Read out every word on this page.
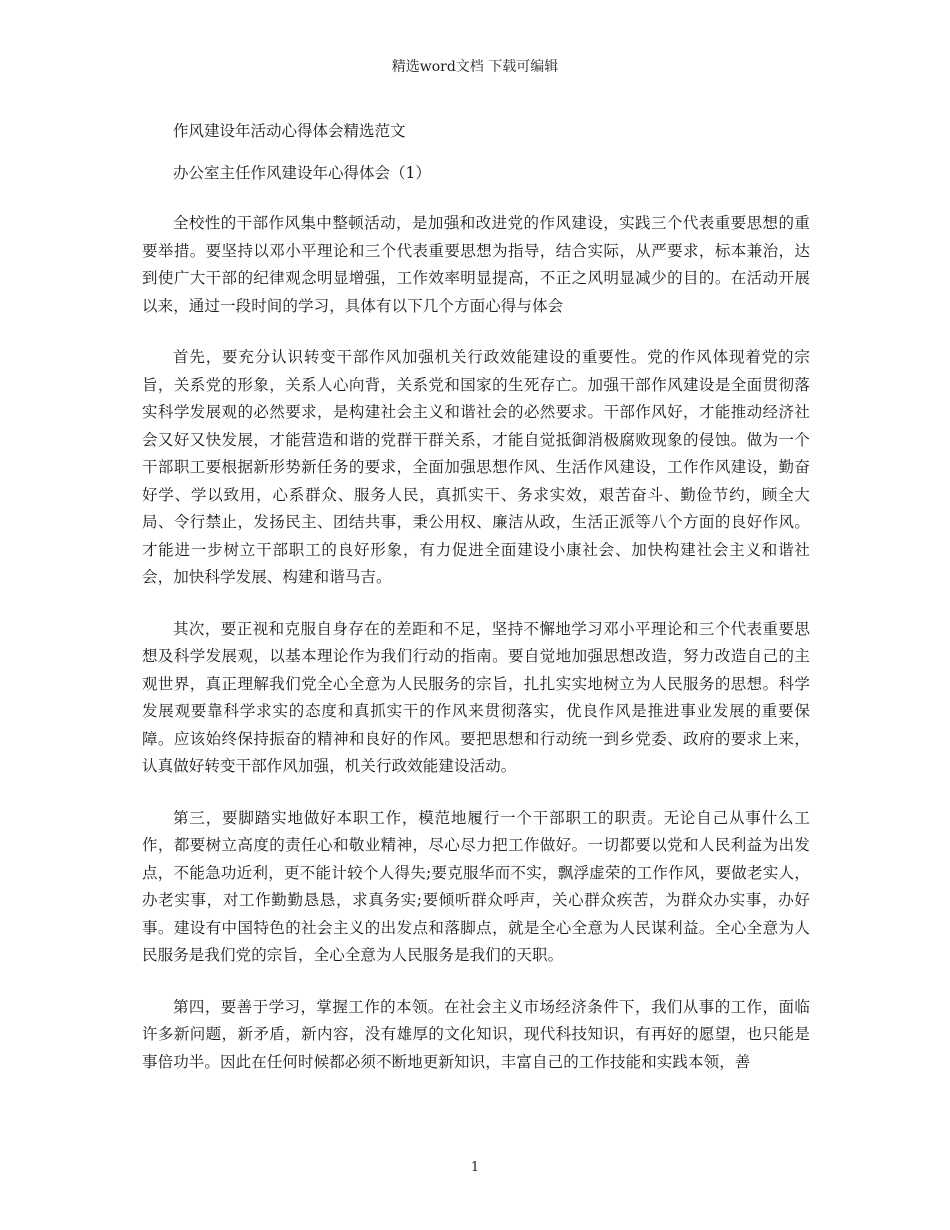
精选word文档 下载可编辑

作风建设年活动心得体会精选范文

办公室主任作风建设年心得体会（1）

全校性的干部作风集中整顿活动，是加强和改进党的作风建设，实践三个代表重要思想的重要举措。要坚持以邓小平理论和三个代表重要思想为指导，结合实际，从严要求，标本兼治，达到使广大干部的纪律观念明显增强，工作效率明显提高，不正之风明显减少的目的。在活动开展以来，通过一段时间的学习，具体有以下几个方面心得与体会

首先，要充分认识转变干部作风加强机关行政效能建设的重要性。党的作风体现着党的宗旨，关系党的形象，关系人心向背，关系党和国家的生死存亡。加强干部作风建设是全面贯彻落实科学发展观的必然要求，是构建社会主义和谐社会的必然要求。干部作风好，才能推动经济社会又好又快发展，才能营造和谐的党群干群关系，才能自觉抵御消极腐败现象的侵蚀。做为一个干部职工要根据新形势新任务的要求，全面加强思想作风、生活作风建设，工作作风建设，勤奋好学、学以致用，心系群众、服务人民，真抓实干、务求实效，艰苦奋斗、勤俭节约，顾全大局、令行禁止，发扬民主、团结共事，秉公用权、廉洁从政，生活正派等八个方面的良好作风。才能进一步树立干部职工的良好形象，有力促进全面建设小康社会、加快构建社会主义和谐社会，加快科学发展、构建和谐马吉。

其次，要正视和克服自身存在的差距和不足，坚持不懈地学习邓小平理论和三个代表重要思想及科学发展观，以基本理论作为我们行动的指南。要自觉地加强思想改造，努力改造自己的主观世界，真正理解我们党全心全意为人民服务的宗旨，扎扎实实地树立为人民服务的思想。科学发展观要靠科学求实的态度和真抓实干的作风来贯彻落实，优良作风是推进事业发展的重要保障。应该始终保持振奋的精神和良好的作风。要把思想和行动统一到乡党委、政府的要求上来，认真做好转变干部作风加强，机关行政效能建设活动。

第三，要脚踏实地做好本职工作，模范地履行一个干部职工的职责。无论自己从事什么工作，都要树立高度的责任心和敬业精神，尽心尽力把工作做好。一切都要以党和人民利益为出发点，不能急功近利，更不能计较个人得失;要克服华而不实，飘浮虚荣的工作作风，要做老实人，办老实事，对工作勤勤恳恳，求真务实;要倾听群众呼声，关心群众疾苦，为群众办实事，办好事。建设有中国特色的社会主义的出发点和落脚点，就是全心全意为人民谋利益。全心全意为人民服务是我们党的宗旨，全心全意为人民服务是我们的天职。

第四，要善于学习，掌握工作的本领。在社会主义市场经济条件下，我们从事的工作，面临许多新问题，新矛盾，新内容，没有雄厚的文化知识，现代科技知识，有再好的愿望，也只能是事倍功半。因此在任何时候都必须不断地更新知识，丰富自己的工作技能和实践本领，善

1
